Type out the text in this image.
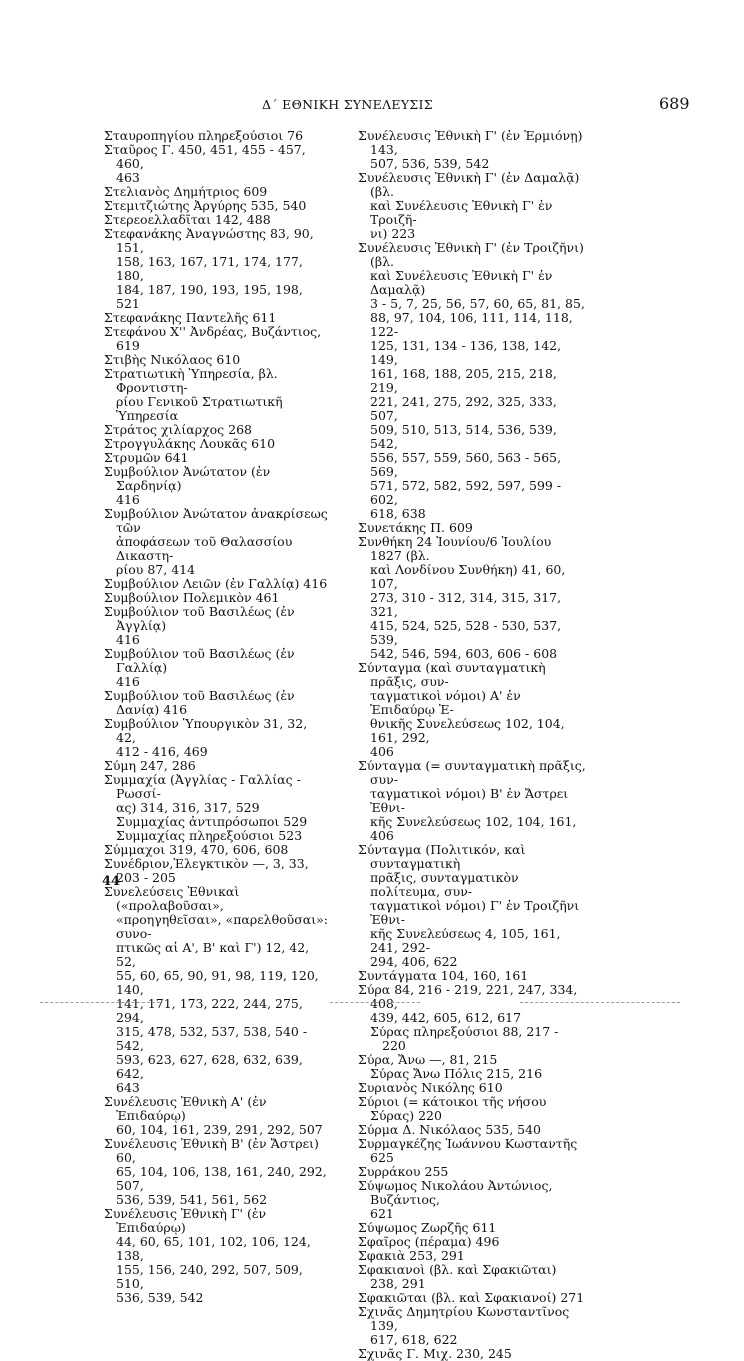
Δ΄ ΕΘΝΙΚΗ ΣΥΝΕΛΕΥΣΙΣ	689

Σταυροπηγίου πληρεξούσιοι 76

Σταῦρος Γ. 450, 451, 455 - 457, 460,
463

Στελιανὸς Δημήτριος 609

Στεμιτζιώτης Ἀργύρης 535, 540

Στερεοελλαδῖται 142, 488

Στεφανάκης Ἀναγνώστης 83, 90, 151,
158, 163, 167, 171, 174, 177, 180,
184, 187, 190, 193, 195, 198, 521

Στεφανάκης Παντελῆς 611

Στεφάνου Χ'' Ἀνδρέας, Βυζάντιος, 619

Στιβὴς Νικόλαος 610

Στρατιωτικὴ Ὑπηρεσία, βλ. Φροντιστη-
ρίου Γενικοῦ Στρατιωτικῆ Ὑπηρεσία

Στράτος χιλίαρχος 268

Στρογγυλάκης Λουκᾶς 610

Στρυμῶν 641

Συμβούλιον Ἀνώτατον (ἐν Σαρδηνίᾳ)
416

Συμβούλιον Ἀνώτατον ἀνακρίσεως τῶν
ἀποφάσεων τοῦ Θαλασσίου Δικαστη-
ρίου 87, 414

Συμβούλιον Λειῶν (ἐν Γαλλίᾳ) 416

Συμβούλιον Πολεμικὸν 461

Συμβούλιον τοῦ Βασιλέως (ἐν Ἀγγλίᾳ)
416

Συμβούλιον τοῦ Βασιλέως (ἐν Γαλλίᾳ)
416

Συμβούλιον τοῦ Βασιλέως (ἐν Δανίᾳ) 416

Συμβούλιον Ὑπουργικὸν 31, 32, 42,
412 - 416, 469

Σύμη 247, 286

Συμμαχία (Ἀγγλίας - Γαλλίας - Ρωσσί-
ας) 314, 316, 317, 529

Συμμαχίας ἀντιπρόσωποι 529

Συμμαχίας πληρεξούσιοι 523

Σύμμαχοι 319, 470, 606, 608

Συνέδριον,Ἐλεγκτικὸν —, 3, 33, 203 - 205

Συνελεύσεις Ἐθνικαὶ («προλαβοῦσαι»,
«προηγηθεῖσαι», «παρελθοῦσαι»: συνο-
πτικῶς αἱ Α', Β' καὶ Γ') 12, 42, 52,
55, 60, 65, 90, 91, 98, 119, 120, 140,
141, 171, 173, 222, 244, 275, 294,
315, 478, 532, 537, 538, 540 - 542,
593, 623, 627, 628, 632, 639, 642,
643

Συνέλευσις Ἐθνικὴ Α' (ἐν Ἐπιδαύρῳ)
60, 104, 161, 239, 291, 292, 507

Συνέλευσις Ἐθνικὴ Β' (ἐν Ἄστρει) 60,
65, 104, 106, 138, 161, 240, 292, 507,
536, 539, 541, 561, 562

Συνέλευσις Ἐθνικὴ Γ' (ἐν Ἐπιδαύρῳ)
44, 60, 65, 101, 102, 106, 124, 138,
155, 156, 240, 292, 507, 509, 510,
536, 539, 542

Συνέλευσις Ἐθνικὴ Γ' (ἐν Ἑρμιόνῃ) 143,
507, 536, 539, 542

Συνέλευσις Ἐθνικὴ Γ' (ἐν Δαμαλᾷ) (βλ.
καὶ Συνέλευσις Ἐθνικὴ Γ' ἐν Τροιζῆ-
νι) 223

Συνέλευσις Ἐθνικὴ Γ' (ἐν Τροιζῆνι) (βλ.
καὶ Συνέλευσις Ἐθνικὴ Γ' ἐν Δαμαλᾷ)
3 - 5, 7, 25, 56, 57, 60, 65, 81, 85,
88, 97, 104, 106, 111, 114, 118, 122-
125, 131, 134 - 136, 138, 142, 149,
161, 168, 188, 205, 215, 218, 219,
221, 241, 275, 292, 325, 333, 507,
509, 510, 513, 514, 536, 539, 542,
556, 557, 559, 560, 563 - 565, 569,
571, 572, 582, 592, 597, 599 - 602,
618, 638

Συνετάκης Π. 609

Συνθήκη 24 Ἰουνίου/6 Ἰουλίου 1827 (βλ.
καὶ Λονδίνου Συνθήκη) 41, 60, 107,
273, 310 - 312, 314, 315, 317, 321,
415, 524, 525, 528 - 530, 537, 539,
542, 546, 594, 603, 606 - 608

Σύνταγμα (καὶ συνταγματικὴ πρᾶξις, συν-
ταγματικοὶ νόμοι) Α' ἐν Ἐπιδαύρῳ Ἐ-
θνικῆς Συνελεύσεως 102, 104, 161, 292,
406

Σύνταγμα (= συνταγματικὴ πρᾶξις, συν-
ταγματικοὶ νόμοι) Β' ἐν Ἄστρει Ἐθνι-
κῆς Συνελεύσεως 102, 104, 161, 406

Σύνταγμα (Πολιτικόν, καὶ συνταγματικὴ
πρᾶξις, συνταγματικὸν πολίτευμα, συν-
ταγματικοὶ νόμοι) Γ' ἐν Τροιζῆνι Ἐθνι-
κῆς Συνελεύσεως 4, 105, 161, 241, 292-
294, 406, 622

Συντάγματα 104, 160, 161

Σύρα 84, 216 - 219, 221, 247, 334, 408,
439, 442, 605, 612, 617

Σύρας πληρεξούσιοι 88, 217 - 220

Σύρα, Ἄνω —, 81, 215

Σύρας Ἄνω Πόλις 215, 216

Συριανὸς Νικόλης 610

Σύριοι (= κάτοικοι τῆς νήσου Σύρας) 220

Σύρμα Δ. Νικόλαος 535, 540

Συρμαγκέζης Ἰωάννου Κωσταντῆς 625

Συρράκου 255

Σύψωμος Νικολάου Ἀντώνιος, Βυζάντιος,
621

Σύψωμος Ζωρζῆς 611

Σφαῖρος (πέραμα) 496

Σφακιὰ 253, 291

Σφακιανοὶ (βλ. καὶ Σφακιῶται) 238, 291

Σφακιῶται (βλ. καὶ Σφακιανοί) 271

Σχινᾶς Δημητρίου Κωνσταντῖνος 139,
617, 618, 622

Σχινᾶς Γ. Μιχ. 230, 245

44
